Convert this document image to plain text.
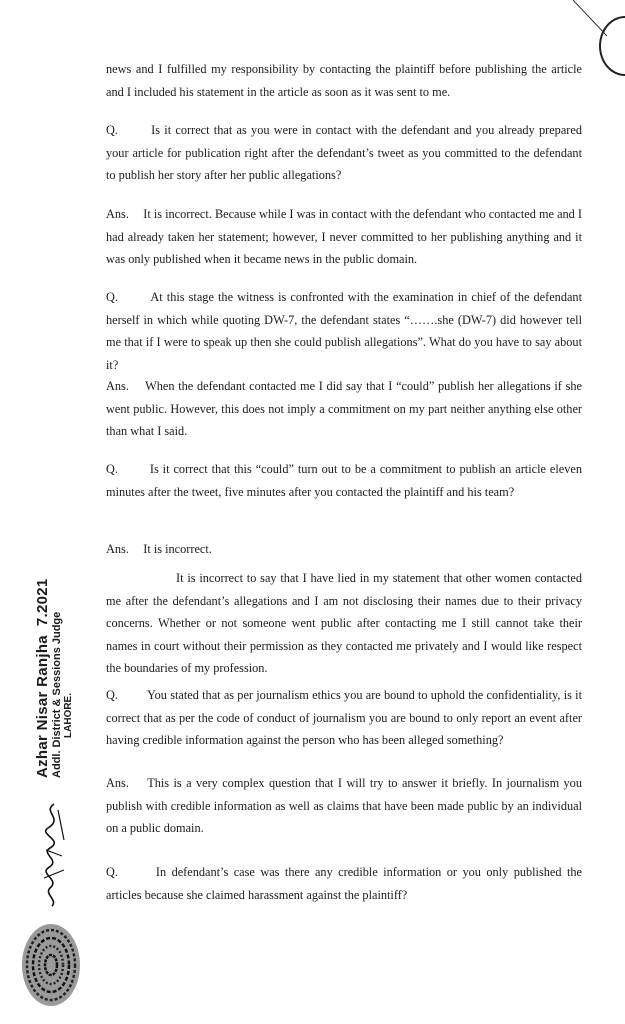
news and I fulfilled my responsibility by contacting the plaintiff before publishing the article and I included his statement in the article as soon as it was sent to me.

Q.	Is it correct that as you were in contact with the defendant and you already prepared your article for publication right after the defendant’s tweet as you committed to the defendant to publish her story after her public allegations?

Ans. It is incorrect. Because while I was in contact with the defendant who contacted me and I had already taken her statement; however, I never committed to her publishing anything and it was only published when it became news in the public domain.

Q.	At this stage the witness is confronted with the examination in chief of the defendant herself in which while quoting DW-7, the defendant states “…….she (DW-7) did however tell me that if I were to speak up then she could publish allegations”. What do you have to say about it?

Ans. When the defendant contacted me I did say that I “could” publish her allegations if she went public. However, this does not imply a commitment on my part neither anything else other than what I said.

Q.	Is it correct that this “could” turn out to be a commitment to publish an article eleven minutes after the tweet, five minutes after you contacted the plaintiff and his team?

Ans. It is incorrect.

It is incorrect to say that I have lied in my statement that other women contacted me after the defendant’s allegations and I am not disclosing their names due to their privacy concerns. Whether or not someone went public after contacting me I still cannot take their names in court without their permission as they contacted me privately and I would like respect the boundaries of my profession.

Q. You stated that as per journalism ethics you are bound to uphold the confidentiality, is it correct that as per the code of conduct of journalism you are bound to only report an event after having credible information against the person who has been alleged something?

Ans. This is a very complex question that I will try to answer it briefly. In journalism you publish with credible information as well as claims that have been made public by an individual on a public domain.

Q.	In defendant’s case was there any credible information or you only published the articles because she claimed harassment against the plaintiff?

Azhar Nisar Ranjha  7.2021
Addl. District & Sessions Judge LAHORE.
